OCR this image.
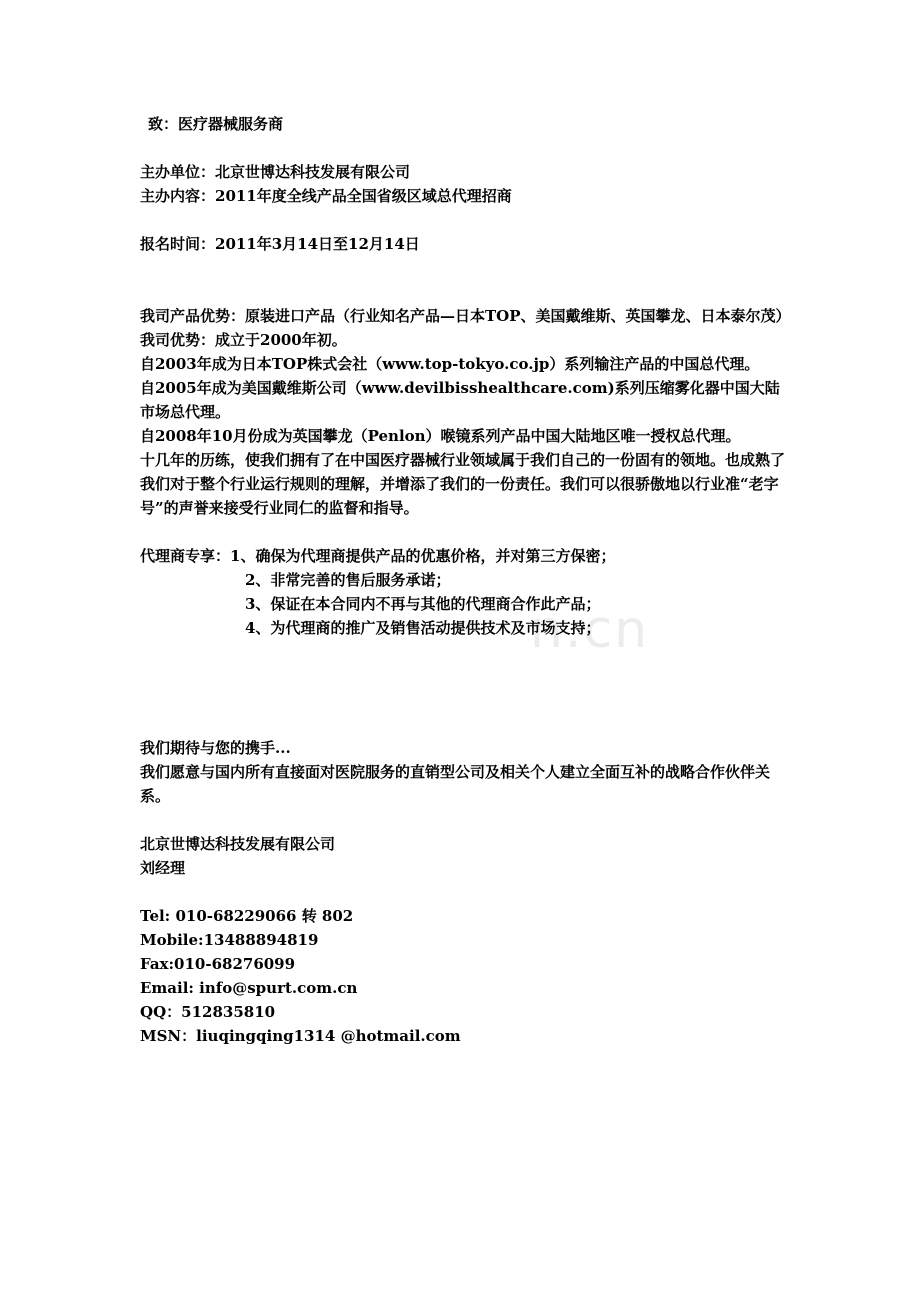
n.cn
致：医疗器械服务商
主办单位：北京世博达科技发展有限公司
主办内容：2011年度全线产品全国省级区域总代理招商
报名时间：2011年3月14日至12月14日
我司产品优势：原装进口产品（行业知名产品—日本TOP、美国戴维斯、英国攀龙、日本泰尔茂）
我司优势：成立于2000年初。
自2003年成为日本TOP株式会社（www.top-tokyo.co.jp）系列输注产品的中国总代理。
自2005年成为美国戴维斯公司（www.devilbisshealthcare.com)系列压缩雾化器中国大陆市场总代理。
自2008年10月份成为英国攀龙（Penlon）喉镜系列产品中国大陆地区唯一授权总代理。
十几年的历练，使我们拥有了在中国医疗器械行业领域属于我们自己的一份固有的领地。也成熟了我们对于整个行业运行规则的理解，并增添了我们的一份责任。我们可以很骄傲地以行业准“老字号”的声誉来接受行业同仁的监督和指导。
代理商专享： 1、确保为代理商提供产品的优惠价格，并对第三方保密；
2、非常完善的售后服务承诺；
3、保证在本合同内不再与其他的代理商合作此产品；
4、为代理商的推广及销售活动提供技术及市场支持；
我们期待与您的携手...
我们愿意与国内所有直接面对医院服务的直销型公司及相关个人建立全面互补的战略合作伙伴关系。
北京世博达科技发展有限公司
刘经理
Tel: 010-68229066 转 802
Mobile:13488894819
Fax:010-68276099
Email: info@spurt.com.cn
QQ：512835810
MSN：liuqingqing1314 @hotmail.com
